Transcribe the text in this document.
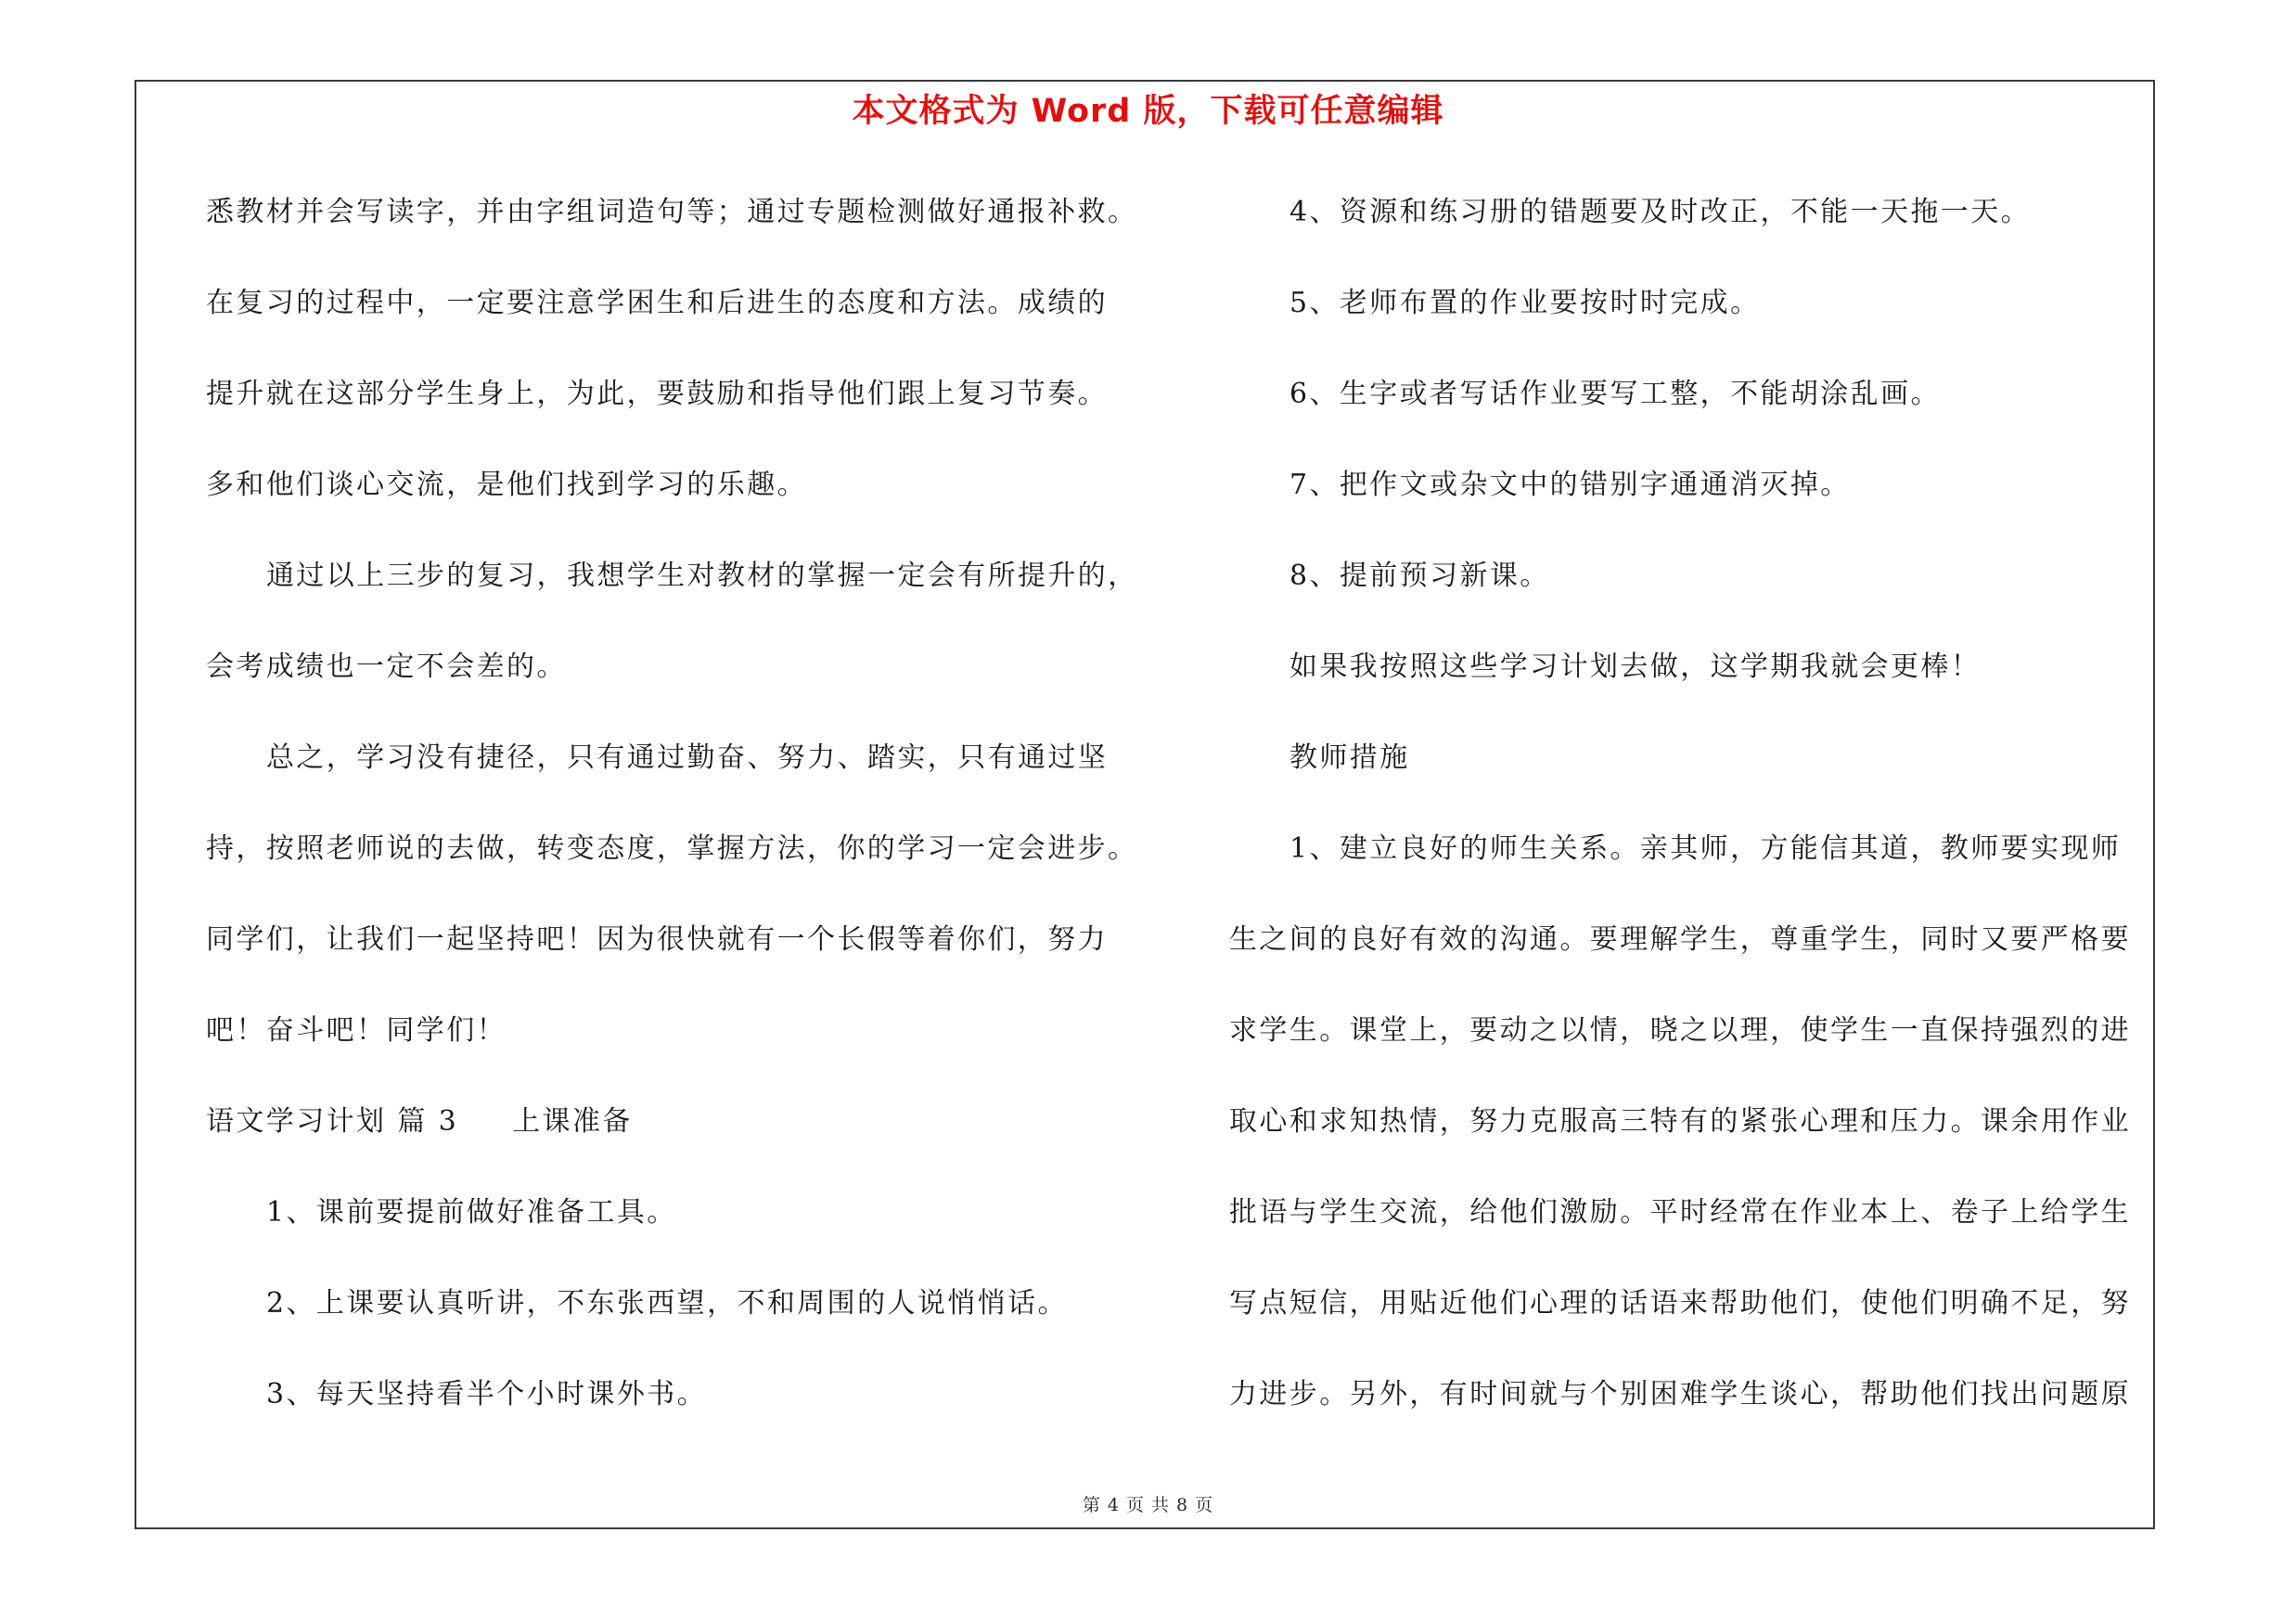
本文格式为 Word 版，下载可任意编辑
悉教材并会写读字，并由字组词造句等；通过专题检测做好通报补救。
在复习的过程中，一定要注意学困生和后进生的态度和方法。成绩的
提升就在这部分学生身上，为此，要鼓励和指导他们跟上复习节奏。
多和他们谈心交流，是他们找到学习的乐趣。
通过以上三步的复习，我想学生对教材的掌握一定会有所提升的，
会考成绩也一定不会差的。
总之，学习没有捷径，只有通过勤奋、努力、踏实，只有通过坚
持，按照老师说的去做，转变态度，掌握方法，你的学习一定会进步。
同学们，让我们一起坚持吧！因为很快就有一个长假等着你们，努力
吧！奋斗吧！同学们！
语文学习计划 篇 3 上课准备
1、课前要提前做好准备工具。
2、上课要认真听讲，不东张西望，不和周围的人说悄悄话。
3、每天坚持看半个小时课外书。
4、资源和练习册的错题要及时改正，不能一天拖一天。
5、老师布置的作业要按时时完成。
6、生字或者写话作业要写工整，不能胡涂乱画。
7、把作文或杂文中的错别字通通消灭掉。
8、提前预习新课。
如果我按照这些学习计划去做，这学期我就会更棒！
教师措施
1、建立良好的师生关系。亲其师，方能信其道，教师要实现师
生之间的良好有效的沟通。要理解学生，尊重学生，同时又要严格要
求学生。课堂上，要动之以情，晓之以理，使学生一直保持强烈的进
取心和求知热情，努力克服高三特有的紧张心理和压力。课余用作业
批语与学生交流，给他们激励。平时经常在作业本上、卷子上给学生
写点短信，用贴近他们心理的话语来帮助他们，使他们明确不足，努
力进步。另外，有时间就与个别困难学生谈心，帮助他们找出问题原
第 4 页 共 8 页
